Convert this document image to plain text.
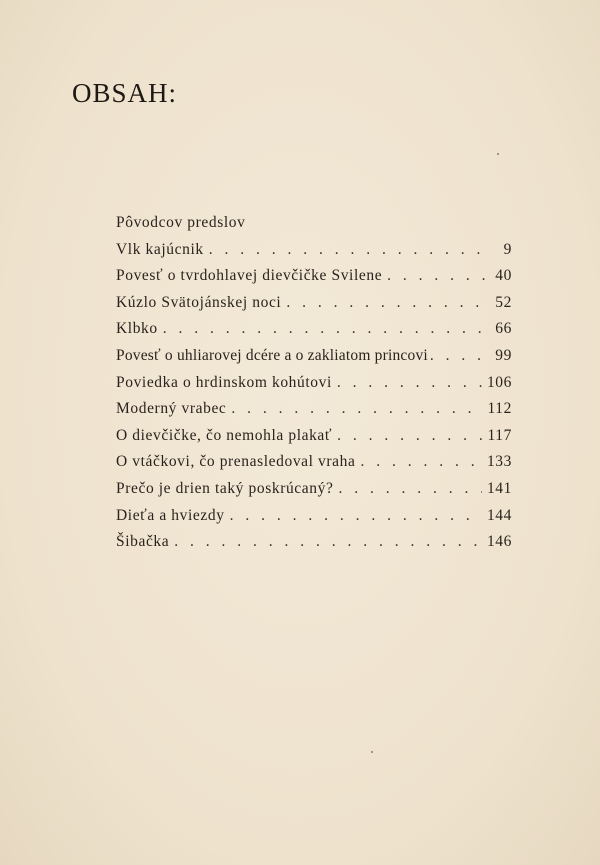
OBSAH:
Pôvodcov predslov
Vlk kajúcnik . . .	9
Povesť o tvrdohlavej dievčičke Svilene . . .	40
Kúzlo Svätojánskej noci . . .	52
Klbko . . .	66
Povesť o uhliarovej dcére a o zakliatom princovi . . .	99
Poviedka o hrdinskom kohútovi . . .	106
Moderný vrabec . . .	112
O dievčičke, čo nemohla plakať . . .	117
O vtáčkovi, čo prenasledoval vraha . . .	133
Prečo je drien taký poskrúcaný? . . .	141
Dieťa a hviezdy . . .	144
Šibačka . . .	146
